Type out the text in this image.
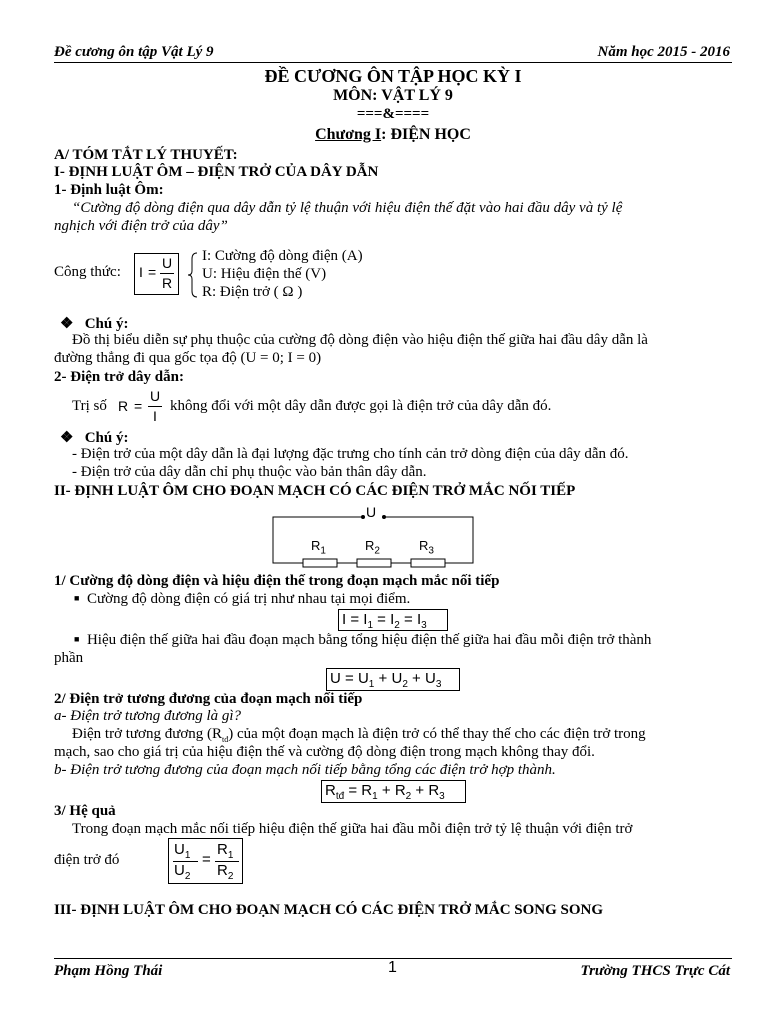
Đề cương ôn tập Vật Lý 9	Năm học 2015 - 2016
ĐỀ CƯƠNG ÔN TẬP HỌC KỲ I
MÔN: VẬT LÝ 9
===&====
Chương I: ĐIỆN HỌC
A/ TÓM TẮT LÝ THUYẾT:
I- ĐỊNH LUẬT ÔM – ĐIỆN TRỞ CỦA DÂY DẪN
1- Định luật Ôm:
“Cường độ dòng điện qua dây dẫn tỷ lệ thuận với hiệu điện thế đặt vào hai đầu dây và tỷ lệ
nghịch với điện trở của dây”
Công thức: I =
U
R
I: Cường độ dòng điện (A)
U: Hiệu điện thế (V)
R: Điện trở ( Ω )
❖ Chú ý:
Đồ thị biểu diễn sự phụ thuộc của cường độ dòng điện vào hiệu điện thế giữa hai đầu dây dẫn là
đường thẳng đi qua gốc tọa độ (U = 0; I = 0)
2- Điện trở dây dẫn:
Trị số R =
U
I
không đổi với một dây dẫn được gọi là điện trở của dây dẫn đó.
❖ Chú ý:
- Điện trở của một dây dẫn là đại lượng đặc trưng cho tính cản trở dòng điện của dây dẫn đó.
- Điện trở của dây dẫn chỉ phụ thuộc vào bản thân dây dẫn.
II- ĐỊNH LUẬT ÔM CHO ĐOẠN MẠCH CÓ CÁC ĐIỆN TRỞ MẮC NỐI TIẾP
U
$R_1$	$R_2$	$R_3$
1/ Cường độ dòng điện và hiệu điện thế trong đoạn mạch mắc nối tiếp
■ Cường độ dòng điện có giá trị như nhau tại mọi điểm.
$I = I_1 = I_2 = I_3$
■ Hiệu điện thế giữa hai đầu đoạn mạch bằng tổng hiệu điện thế giữa hai đầu mỗi điện trở thành
phần
$U = U_1 + U_2 + U_3$
2/ Điện trở tương đương của đoạn mạch nối tiếp
a- Điện trở tương đương là gì?
Điện trở tương đương $(R_{tđ})$ của một đoạn mạch là điện trở có thể thay thế cho các điện trở trong
mạch, sao cho giá trị của hiệu điện thế và cường độ dòng điện trong mạch không thay đổi.
b- Điện trở tương đương của đoạn mạch nối tiếp bằng tổng các điện trở hợp thành.
$R_{tđ} = R_1 + R_2 + R_3$
3/ Hệ quả
Trong đoạn mạch mắc nối tiếp hiệu điện thế giữa hai đầu mỗi điện trở tỷ lệ thuận với điện trở
điện trở đó
$U_1$
$U_2$
=
$R_1$
$R_2$
III- ĐỊNH LUẬT ÔM CHO ĐOẠN MẠCH CÓ CÁC ĐIỆN TRỞ MẮC SONG SONG
Phạm Hồng Thái	1	Trường THCS Trực Cát
